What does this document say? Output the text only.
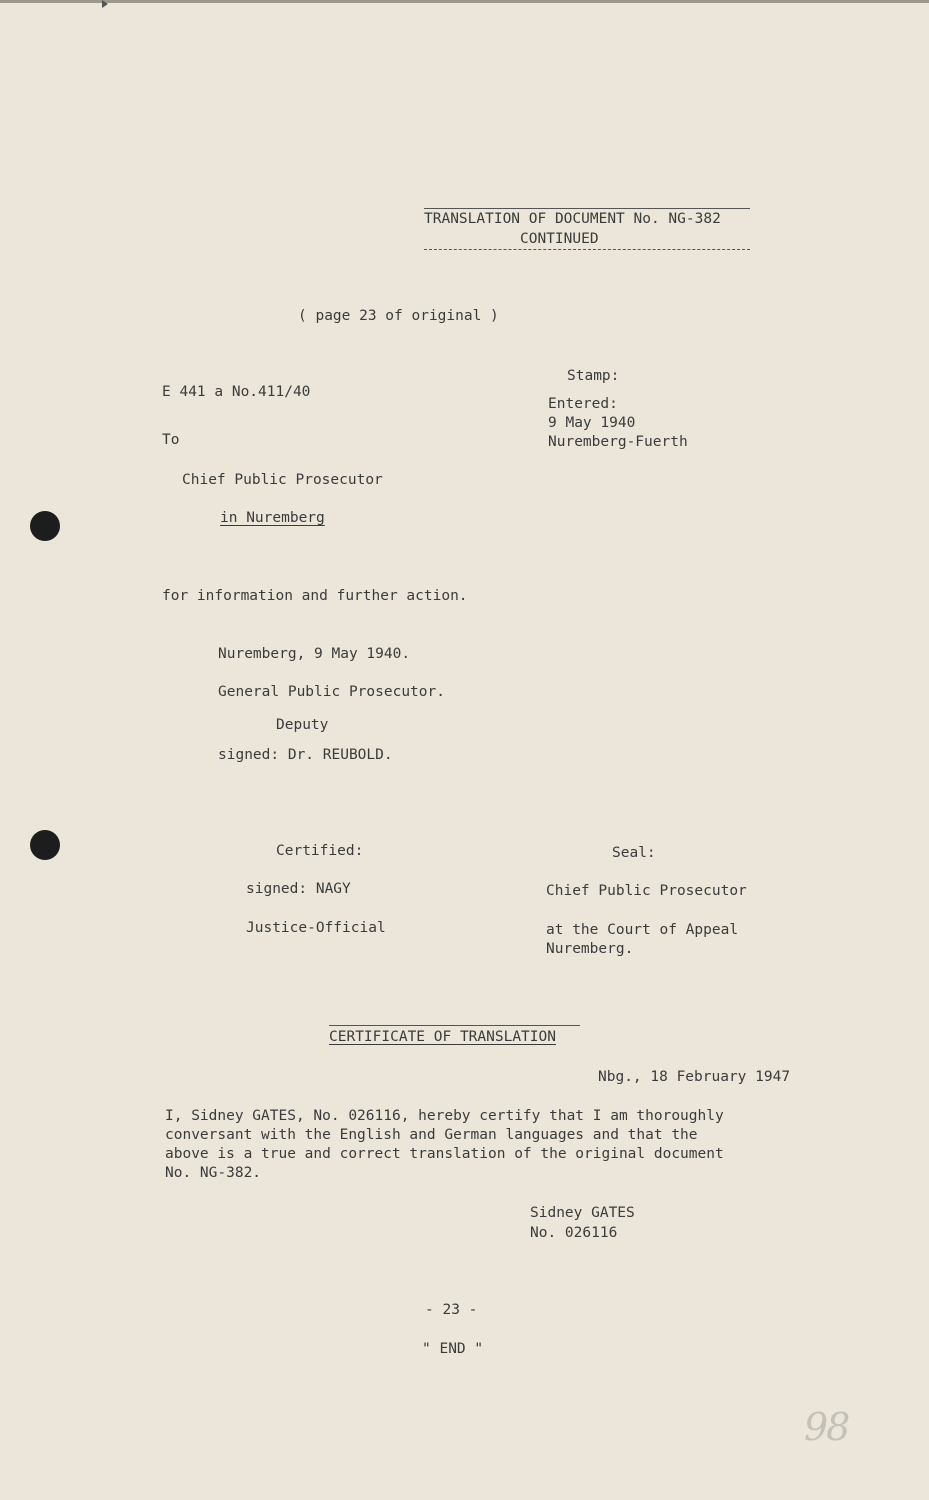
TRANSLATION OF DOCUMENT No. NG-382
CONTINUED
( page 23 of original )
E 441 a No.411/40
Stamp:
Entered:
9 May 1940
Nuremberg-Fuerth
To
Chief Public Prosecutor
in Nuremberg
for information and further action.
Nuremberg, 9 May 1940.
General Public Prosecutor.
Deputy
signed: Dr. REUBOLD.
Certified:
signed: NAGY
Justice-Official
Seal:
Chief Public Prosecutor
at the Court of Appeal
Nuremberg.
CERTIFICATE OF TRANSLATION
Nbg., 18 February 1947
I, Sidney GATES, No. 026116, hereby certify that I am thoroughly
conversant with the English and German languages and that the
above is a true and correct translation of the original document
No. NG-382.
Sidney GATES
No. 026116
- 23 -
" END "
98
